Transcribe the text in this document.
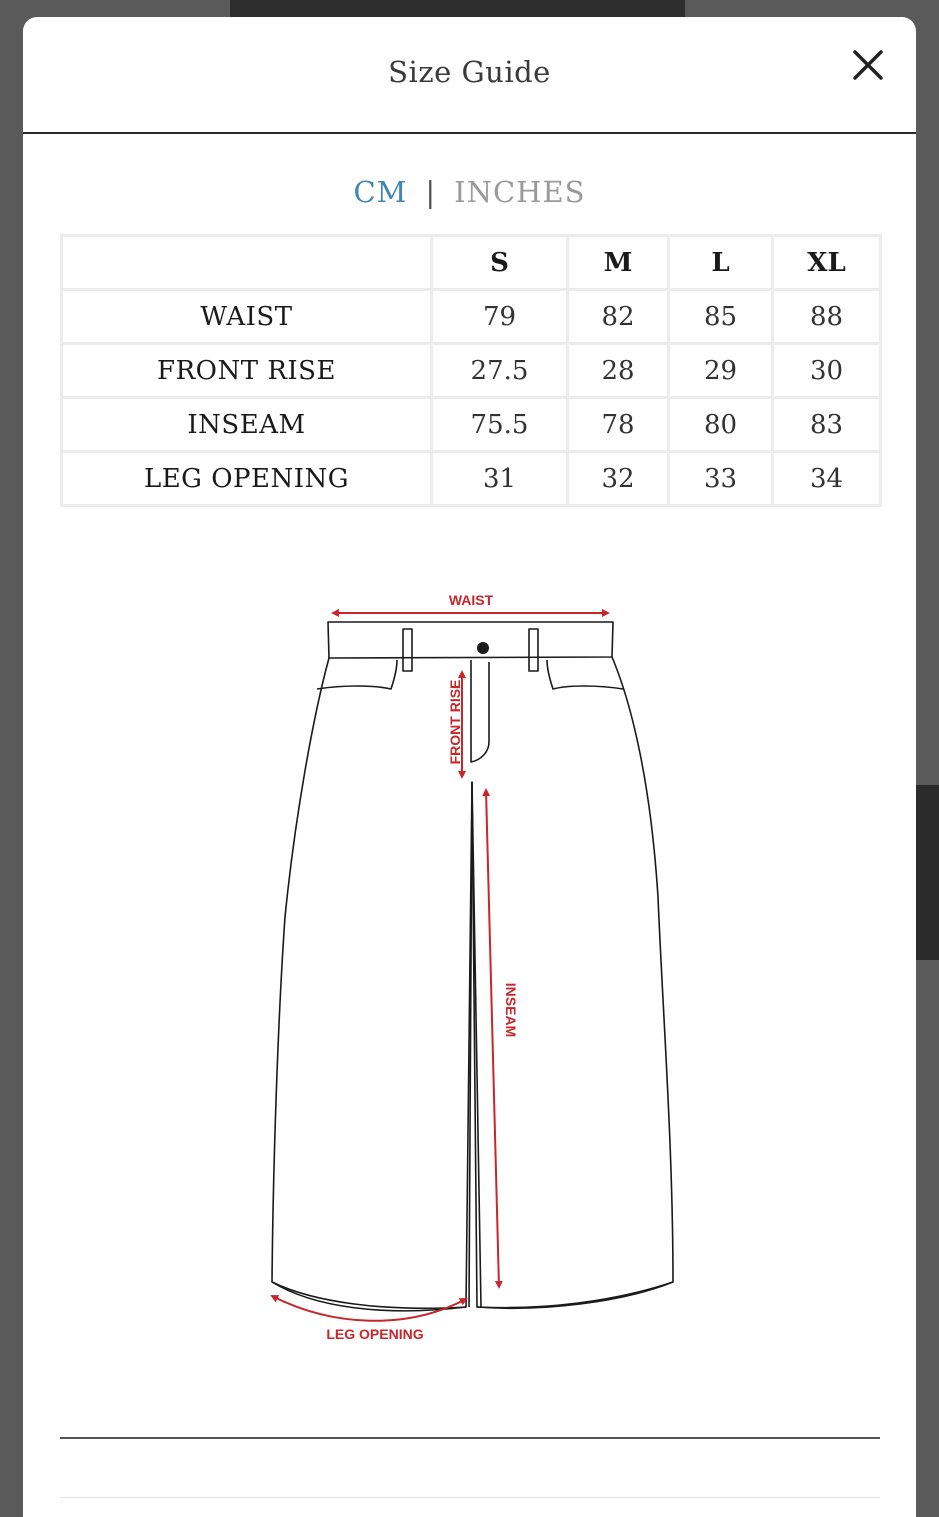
Size Guide
CM | INCHES
	S	M	L	XL
WAIST	79	82	85	88
FRONT RISE	27.5	28	29	30
INSEAM	75.5	78	80	83
LEG OPENING	31	32	33	34
WAIST
FRONT RISE
INSEAM
LEG OPENING
